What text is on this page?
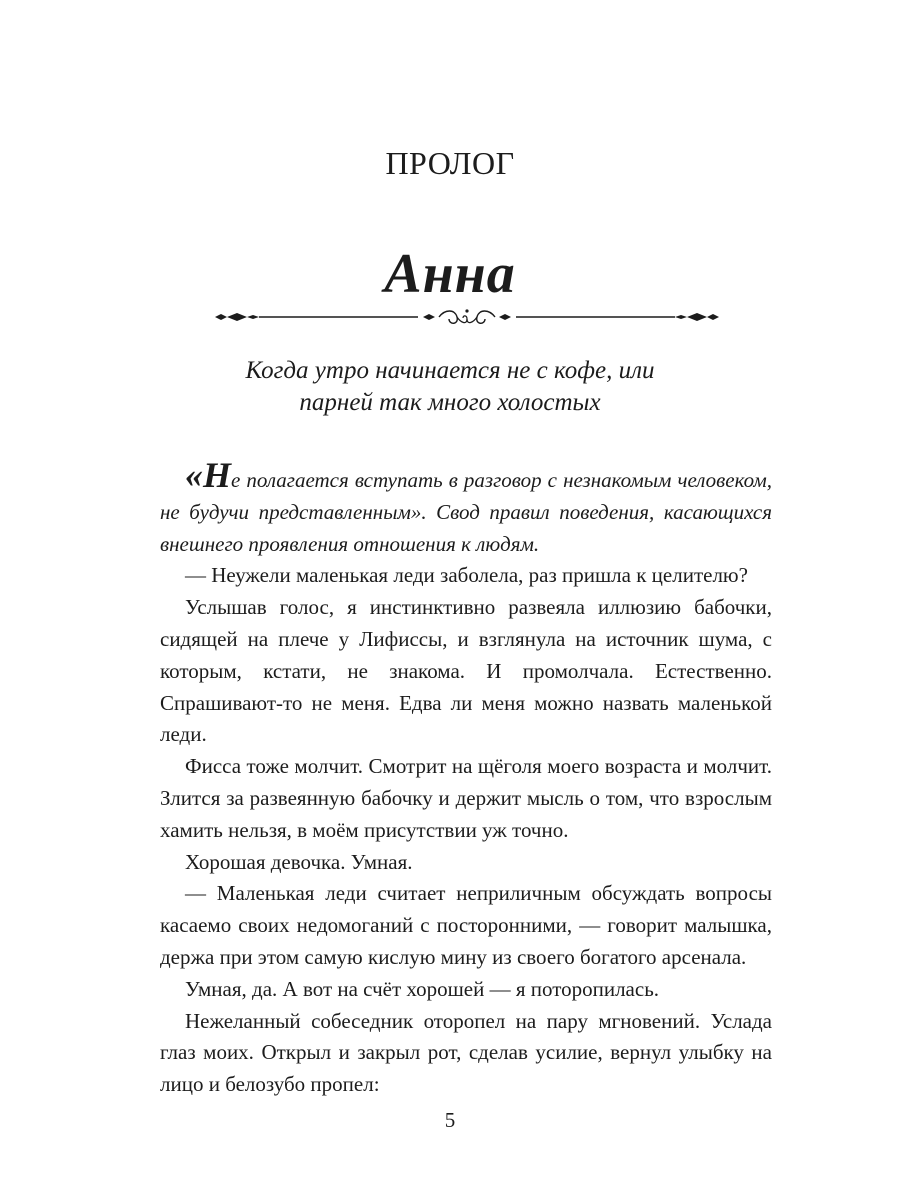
ПРОЛОГ
Анна
Когда утро начинается не с кофе, или
парней так много холостых

«Не полагается вступать в разговор с незнакомым человеком, не будучи представленным». Свод правил поведения, касающихся внешнего проявления отношения к людям.

— Неужели маленькая леди заболела, раз пришла к целителю?

Услышав голос, я инстинктивно развеяла иллюзию бабочки, сидящей на плече у Лифиссы, и взглянула на источник шума, с которым, кстати, не знакома. И промолчала. Естественно. Спрашивают-то не меня. Едва ли меня можно назвать маленькой леди.

Фисса тоже молчит. Смотрит на щёголя моего возраста и молчит. Злится за развеянную бабочку и держит мысль о том, что взрослым хамить нельзя, в моём присутствии уж точно.

Хорошая девочка. Умная.

— Маленькая леди считает неприличным обсуждать вопросы касаемо своих недомоганий с посторонними, — говорит малышка, держа при этом самую кислую мину из своего богатого арсенала.

Умная, да. А вот на счёт хорошей — я поторопилась.

Нежеланный собеседник оторопел на пару мгновений. Услада глаз моих. Открыл и закрыл рот, сделав усилие, вернул улыбку на лицо и белозубо пропел:

5
